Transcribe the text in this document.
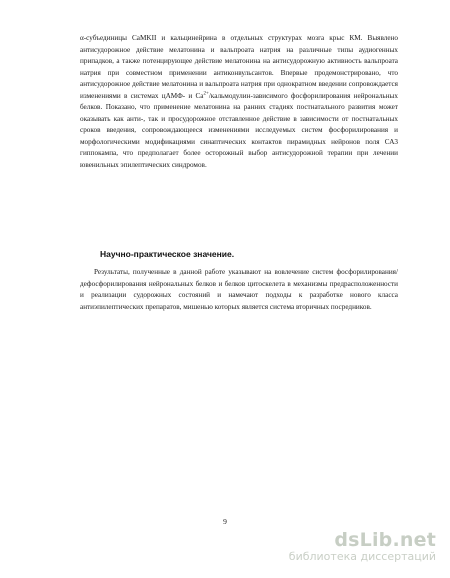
α-субъединицы CaMKII и кальцинейрина в отдельных структурах мозга крыс КМ. Выявлено антисудорожное действие мелатонина и вальпроата натрия на различные типы аудиогенных припадков, а также потенцирующее действие мелатонина на антисудорожную активность вальпроата натрия при совместном применении антиконвульсантов. Впервые продемонстрировано, что антисудорожное действие мелатонина и вальпроата натрия при однократном введении сопровождается изменениями в системах цАМФ- и $Ca^{2+}/кальмодулин$-зависимого фосфорилирования нейрональных белков. Показано, что применение мелатонина на ранних стадиях постнатального развития может оказывать как анти-, так и просудорожное отставленное действие в зависимости от постнатальных сроков введения, сопровождающееся изменениями исследуемых систем фосфорилирования и морфологическими модификациями синаптических контактов пирамидных нейронов поля СА3 гиппокампа, что предполагает более осторожный выбор антисудорожной терапии при лечении ювенильных эпилептических синдромов.

Научно-практическое значение.

Результаты, полученные в данной работе указывают на вовлечение систем фосфорилирования/дефосфорилирования нейрональных белков и белков цитоскелета в механизмы предрасположенности и реализации судорожных состояний и намечают подходы к разработке нового класса антиэпилептических препаратов, мишенью которых является система вторичных посредников.

9
dsLib.net
библиотека диссертаций
